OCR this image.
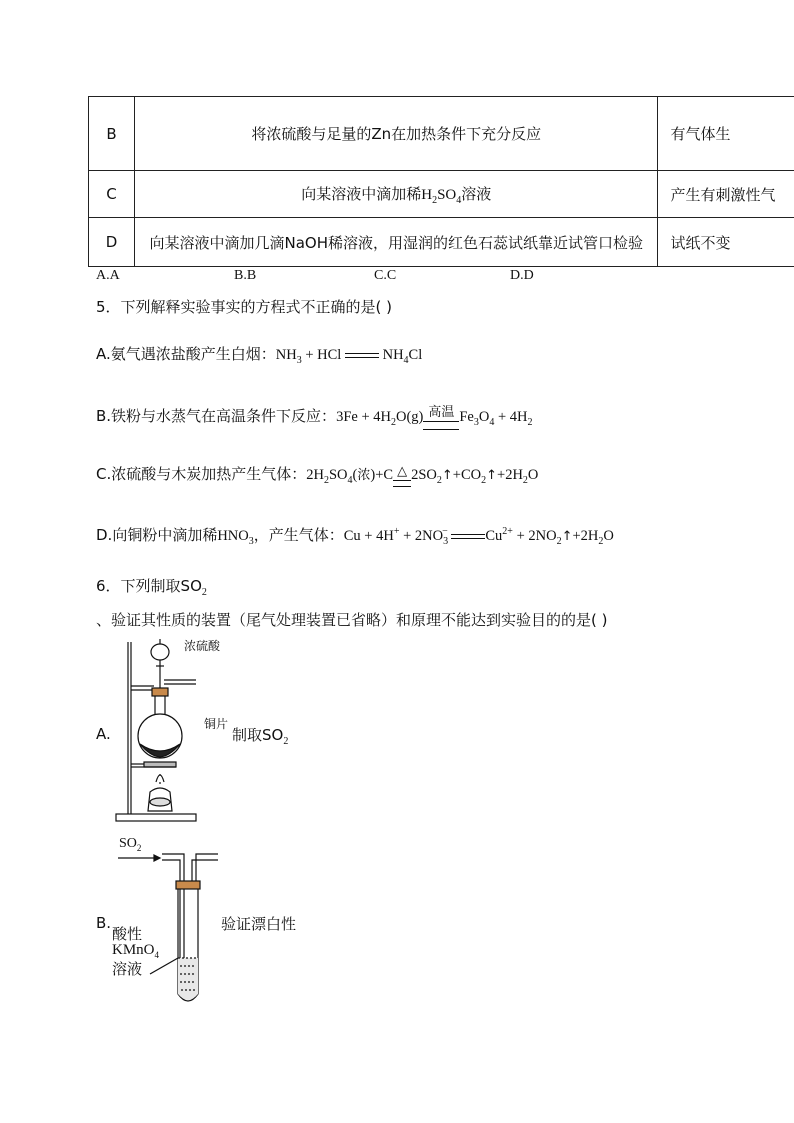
B	将浓硫酸与足量的Zn在加热条件下充分反应	有气体生
C	向某溶液中滴加稀$H_2SO_4$溶液	产生有刺激性气
D	向某溶液中滴加几滴NaOH稀溶液，用湿润的红色石蕊试纸靠近试管口检验	试纸不变
A.A	B.B	C.C	D.D
5．下列解释实验事实的方程式不正确的是( )
A.氨气遇浓盐酸产生白烟：$NH_3$ + HCl  $NH_4Cl$
B.铁粉与水蒸气在高温条件下反应：$3Fe + 4H_2O(g)$ 高温 $Fe_3O_4 + 4H_2$
C.浓硫酸与木炭加热产生气体：$2H_2SO_4$(浓)+C △ $2SO_2↑+CO_2↑+2H_2O$
D.向铜粉中滴加稀$HNO_3$，产生气体：$Cu + 4H^+ + 2NO_3^-$	$Cu^{2+}$ + $2NO_2↑+2H_2O$
6．下列制取$SO_2$
、验证其性质的装置（尾气处理装置已省略）和原理不能达到实验目的的是( )
A.	制取$SO_2$
浓硫酸
铜片
B.	验证漂白性
$SO_2$
酸性
KMnO$_4$
溶液
